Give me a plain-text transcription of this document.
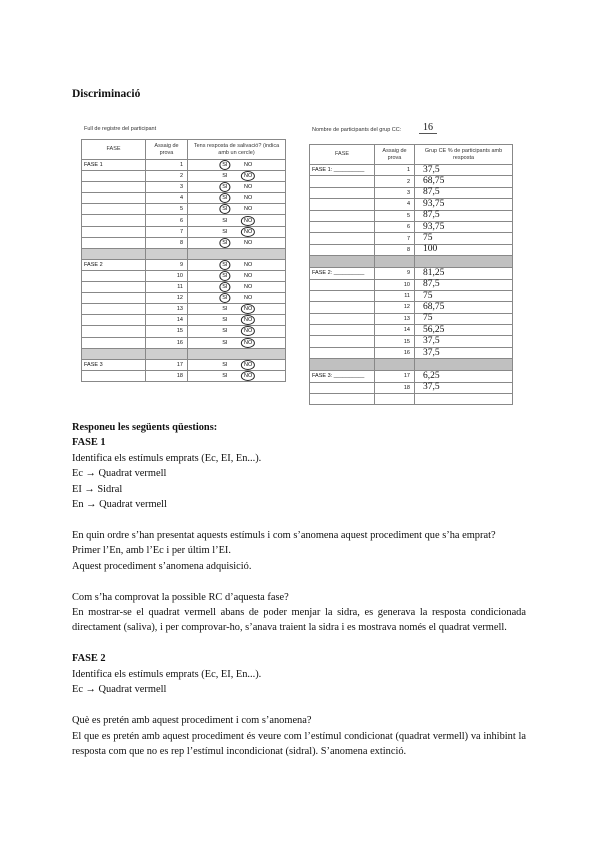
Discriminació
Full de registre del participant
FASE	Assaig de prova	Tens resposta de salivació? (indica amb un cercle)
FASE 1	1	SI NO

	2	SI NO

	3	SI NO

	4	SI NO

	5	SI NO

	6	SI NO

	7	SI NO

	8	SI NO

FASE 2	9	SI NO

	10	SI NO

	11	SI NO

	12	SI NO

	13	SI NO

	14	SI NO

	15	SI NO

	16	SI NO

FASE 3	17	SI NO

	18	SI NO
Nombre de participants del grup CC:	16
FASE	Assaig de prova	Grup CE % de participants amb resposta
FASE 1: __________	1	37,5
	2	68,75
	3	87,5
	4	93,75
	5	87,5
	6	93,75
	7	75
	8	100

FASE 2: __________	9	81,25
	10	87,5
	11	75
	12	68,75
	13	75
	14	56,25
	15	37,5
	16	37,5

FASE 3: __________	17	6,25
	18	37,5

Responeu les següents qüestions:

FASE 1

Identifica els estímuls emprats (Ec, EI, En...).

Ec → Quadrat vermell

EI → Sidral

En → Quadrat vermell

En quin ordre s’han presentat aquests estímuls i com s’anomena aquest procediment que s’ha emprat?

Primer l’En, amb l’Ec i per últim l’EI.

Aquest procediment s’anomena adquisició.

Com s’ha comprovat la possible RC d’aquesta fase?

En mostrar-se el quadrat vermell abans de poder menjar la sidra, es generava la resposta condicionada directament (saliva), i per comprovar-ho, s’anava traient la sidra i es mostrava només el quadrat vermell.

FASE 2

Identifica els estímuls emprats (Ec, EI, En...).

Ec → Quadrat vermell

Què es pretén amb aquest procediment i com s’anomena?

El que es pretén amb aquest procediment és veure com l’estímul condicionat (quadrat vermell) va inhibint la resposta com que no es rep l’estímul incondicionat (sidral). S’anomena extinció.
